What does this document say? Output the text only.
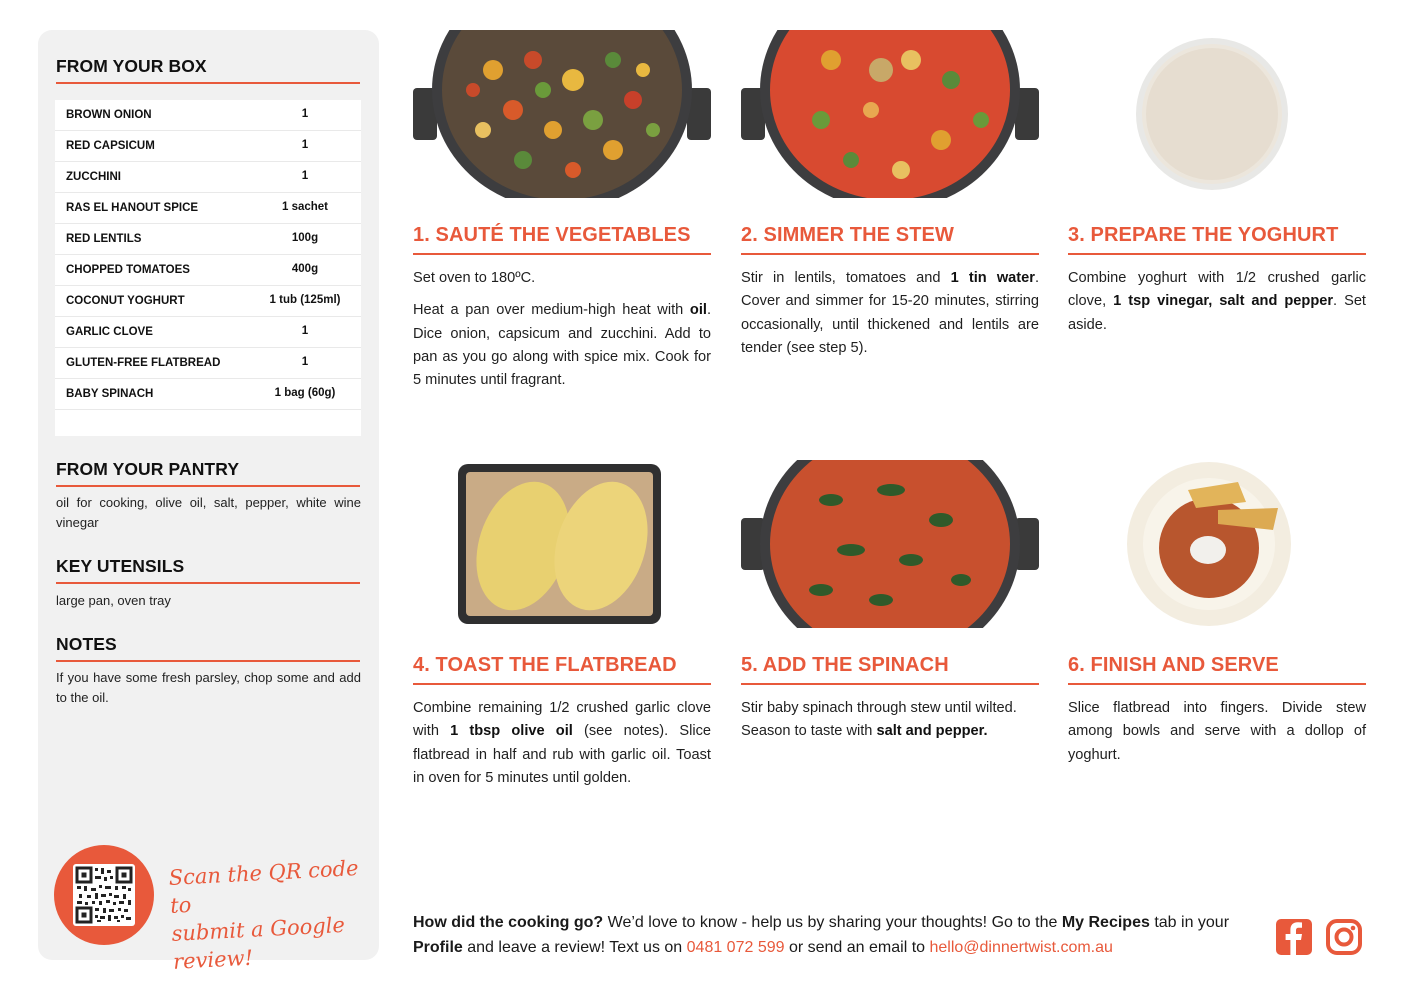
FROM YOUR BOX
BROWN ONION	1
RED CAPSICUM	1
ZUCCHINI	1
RAS EL HANOUT SPICE	1 sachet
RED LENTILS	100g
CHOPPED TOMATOES	400g
COCONUT YOGHURT	1 tub (125ml)
GARLIC CLOVE	1
GLUTEN-FREE FLATBREAD	1
BABY SPINACH	1 bag (60g)
FROM YOUR PANTRY
oil for cooking, olive oil, salt, pepper, white wine vinegar
KEY UTENSILS
large pan, oven tray
NOTES
If you have some fresh parsley, chop some and add to the oil.
Scan the QR code to
submit a Google review!
1. SAUTÉ THE VEGETABLES

Set oven to 180ºC.

Heat a pan over medium-high heat with oil. Dice onion, capsicum and zucchini. Add to pan as you go along with spice mix. Cook for 5 minutes until fragrant.

2. SIMMER THE STEW

Stir in lentils, tomatoes and 1 tin water. Cover and simmer for 15-20 minutes, stirring occasionally, until thickened and lentils are tender (see step 5).

3. PREPARE THE YOGHURT

Combine yoghurt with 1/2 crushed garlic clove, 1 tsp vinegar, salt and pepper. Set aside.

4. TOAST THE FLATBREAD

Combine remaining 1/2 crushed garlic clove with 1 tbsp olive oil (see notes). Slice flatbread in half and rub with garlic oil. Toast in oven for 5 minutes until golden.

5. ADD THE SPINACH

Stir baby spinach through stew until wilted. Season to taste with salt and pepper.

6. FINISH AND SERVE

Slice flatbread into fingers. Divide stew among bowls and serve with a dollop of yoghurt.

How did the cooking go? We’d love to know - help us by sharing your thoughts! Go to the My Recipes tab in your Profile and leave a review! Text us on 0481 072 599 or send an email to hello@dinnertwist.com.au
